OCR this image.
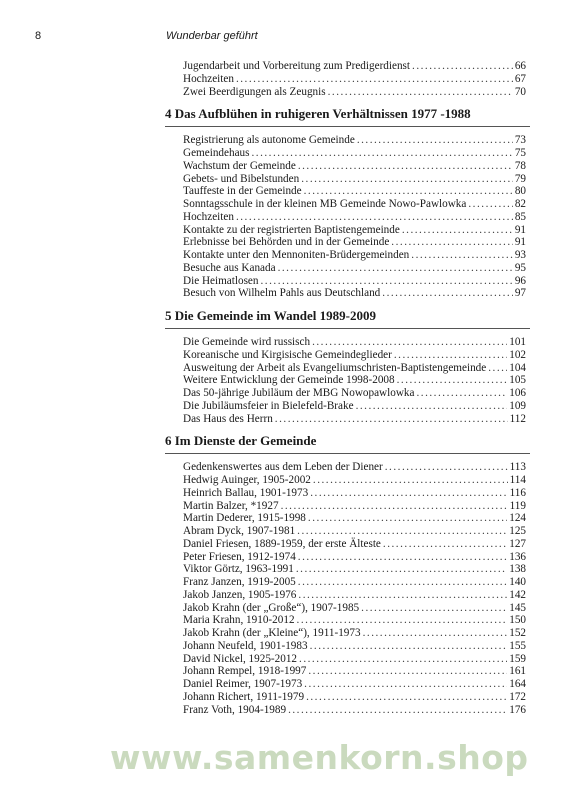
8	Wunderbar geführt
Jugendarbeit und Vorbereitung zum Predigerdienst .....	66
Hochzeiten .....	67
Zwei Beerdigungen als Zeugnis .....	70
4 Das Aufblühen in ruhigeren Verhältnissen 1977 -1988
Registrierung als autonome Gemeinde .....	73
Gemeindehaus .....	75
Wachstum der Gemeinde .....	78
Gebets- und Bibelstunden .....	79
Tauffeste in der Gemeinde .....	80
Sonntagsschule in der kleinen MB Gemeinde Nowo-Pawlowka .....	82
Hochzeiten .....	85
Kontakte zu der registrierten Baptistengemeinde .....	91
Erlebnisse bei Behörden und in der Gemeinde .....	91
Kontakte unter den Mennoniten-Brüdergemeinden .....	93
Besuche aus Kanada .....	95
Die Heimatlosen .....	96
Besuch von Wilhelm Pahls aus Deutschland .....	97
5 Die Gemeinde im Wandel 1989-2009
Die Gemeinde wird russisch .....	101
Koreanische und Kirgisische Gemeindeglieder .....	102
Ausweitung der Arbeit als Evangeliumschristen-Baptistengemeinde ..... 104
Weitere Entwicklung der Gemeinde 1998-2008 .....	105
Das 50-jährige Jubiläum der MBG Nowopawlowka .....	106
Die Jubiläumsfeier in Bielefeld-Brake .....	109
Das Haus des Herrn .....	112
6 Im Dienste der Gemeinde
Gedenkenswertes aus dem Leben der Diener .....	113
Hedwig Auinger, 1905-2002 .....	114
Heinrich Ballau, 1901-1973 .....	116
Martin Balzer, *1927 .....	119
Martin Dederer, 1915-1998 .....	124
Abram Dyck, 1907-1981 .....	125
Daniel Friesen, 1889-1959, der erste Älteste .....	127
Peter Friesen, 1912-1974 .....	136
Viktor Görtz, 1963-1991 .....	138
Franz Janzen, 1919-2005 .....	140
Jakob Janzen, 1905-1976 .....	142
Jakob Krahn (der „Große“), 1907-1985 .....	145
Maria Krahn, 1910-2012 .....	150
Jakob Krahn (der „Kleine“), 1911-1973 .....	152
Johann Neufeld, 1901-1983 .....	155
David Nickel, 1925-2012 .....	159
Johann Rempel, 1918-1997 .....	161
Daniel Reimer, 1907-1973 .....	164
Johann Richert, 1911-1979 .....	172
Franz Voth, 1904-1989 .....	176
www.samenkorn.shop
